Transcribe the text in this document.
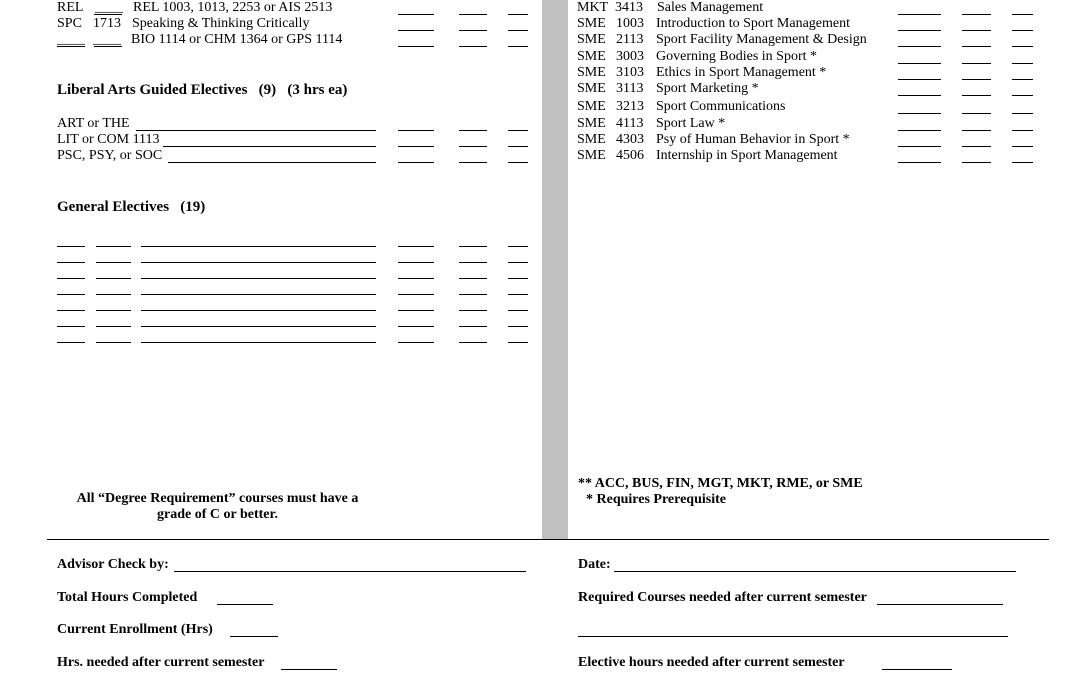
REL ____ REL 1003, 1013, 2253 or AIS 2513
SPC 1713 Speaking & Thinking Critically
____ ____ BIO 1114 or CHM 1364 or GPS 1114
Liberal Arts Guided Electives (9) (3 hrs ea)
ART or THE
LIT or COM 1113
PSC, PSY, or SOC
General Electives (19)
All “Degree Requirement” courses must have a
grade of C or better.
MKT 3413 Sales Management
SME 1003 Introduction to Sport Management
SME 2113 Sport Facility Management & Design
SME 3003 Governing Bodies in Sport *
SME 3103 Ethics in Sport Management *
SME 3113 Sport Marketing *
SME 3213 Sport Communications
SME 4113 Sport Law *
SME 4303 Psy of Human Behavior in Sport *
SME 4506 Internship in Sport Management
** ACC, BUS, FIN, MGT, MKT, RME, or SME
* Requires Prerequisite
Advisor Check by:	Date:
Total Hours Completed	Required Courses needed after current semester
Current Enrollment (Hrs)
Hrs. needed after current semester	Elective hours needed after current semester
